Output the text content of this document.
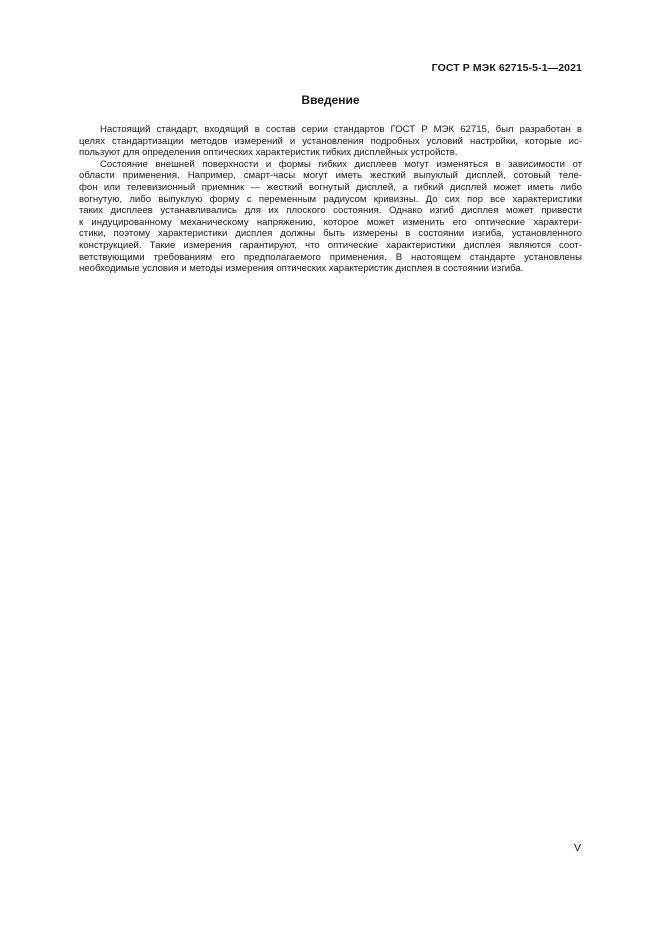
ГОСТ Р МЭК 62715-5-1—2021
Введение

Настоящий стандарт, входящий в состав серии стандартов ГОСТ Р МЭК 62715, был разработан в
целях стандартизации методов измерений и установления подробных условий настройки, которые ис-
пользуют для определения оптических характеристик гибких дисплейных устройств.

Состояние внешней поверхности и формы гибких дисплеев могут изменяться в зависимости от
области применения. Например, смарт-часы могут иметь жесткий выпуклый дисплей, сотовый теле-
фон или телевизионный приемник — жесткий вогнутый дисплей, а гибкий дисплей может иметь либо
вогнутую, либо выпуклую форму с переменным радиусом кривизны. До сих пор все характеристики
таких дисплеев устанавливались для их плоского состояния. Однако изгиб дисплея может привести
к индуцированному механическому напряжению, которое может изменить его оптические характери-
стики, поэтому характеристики дисплея должны быть измерены в состоянии изгиба, установленного
конструкцией. Такие измерения гарантируют, что оптические характеристики дисплея являются соот-
ветствующими требованиям его предполагаемого применения. В настоящем стандарте установлены
необходимые условия и методы измерения оптических характеристик дисплея в состоянии изгиба.

V
